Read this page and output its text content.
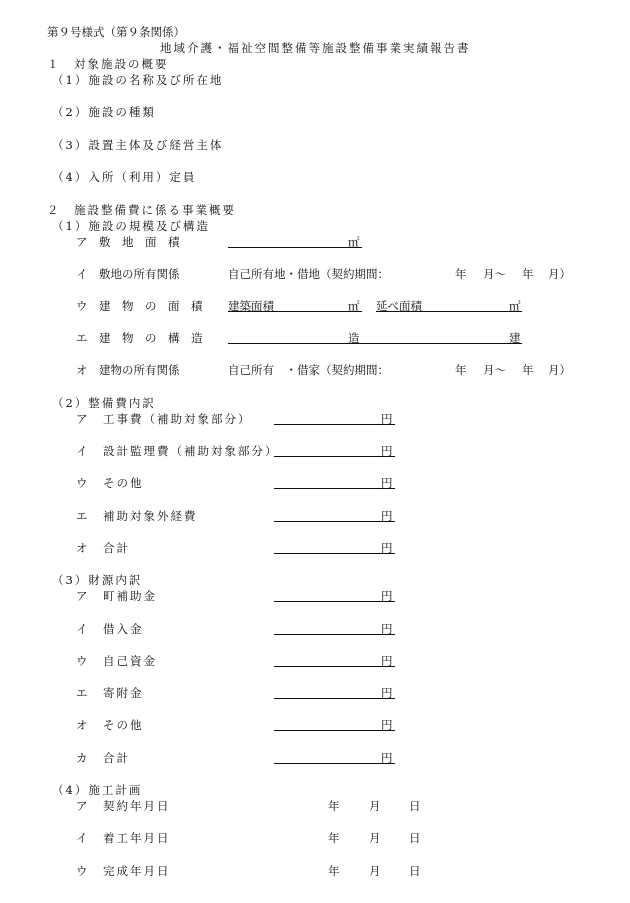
第９号様式（第９条関係）
地域介護・福祉空間整備等施設整備事業実績報告書
１　対象施設の概要
（1）施設の名称及び所在地
（2）施設の種類
（3）設置主体及び経営主体
（4）入所（利用）定員
２　施設整備費に係る事業概要
（1）施設の規模及び構造
ア　敷　地　面　積	㎡
イ　敷地の所有関係	自己所有地・借地（契約期間：	年 月～ 年 月）
ウ　建　物　の　面　積 建築面積	㎡ 延べ面積	㎡
エ　建　物　の　構　造	造	建
オ　建物の所有関係	自己所有　・借家（契約期間：	年 月～ 年 月）
（2）整備費内訳
ア　工事費（補助対象部分）	円
イ　設計監理費（補助対象部分）	円
ウ　その他	円
エ　補助対象外経費	円
オ　合計	円
（3）財源内訳
ア　町補助金	円
イ　借入金	円
ウ　自己資金	円
エ　寄附金	円
オ　その他	円
カ　合計	円
（4）施工計画
ア　契約年月日	年	月 日
イ　着工年月日	年	月 日
ウ　完成年月日	年	月 日
